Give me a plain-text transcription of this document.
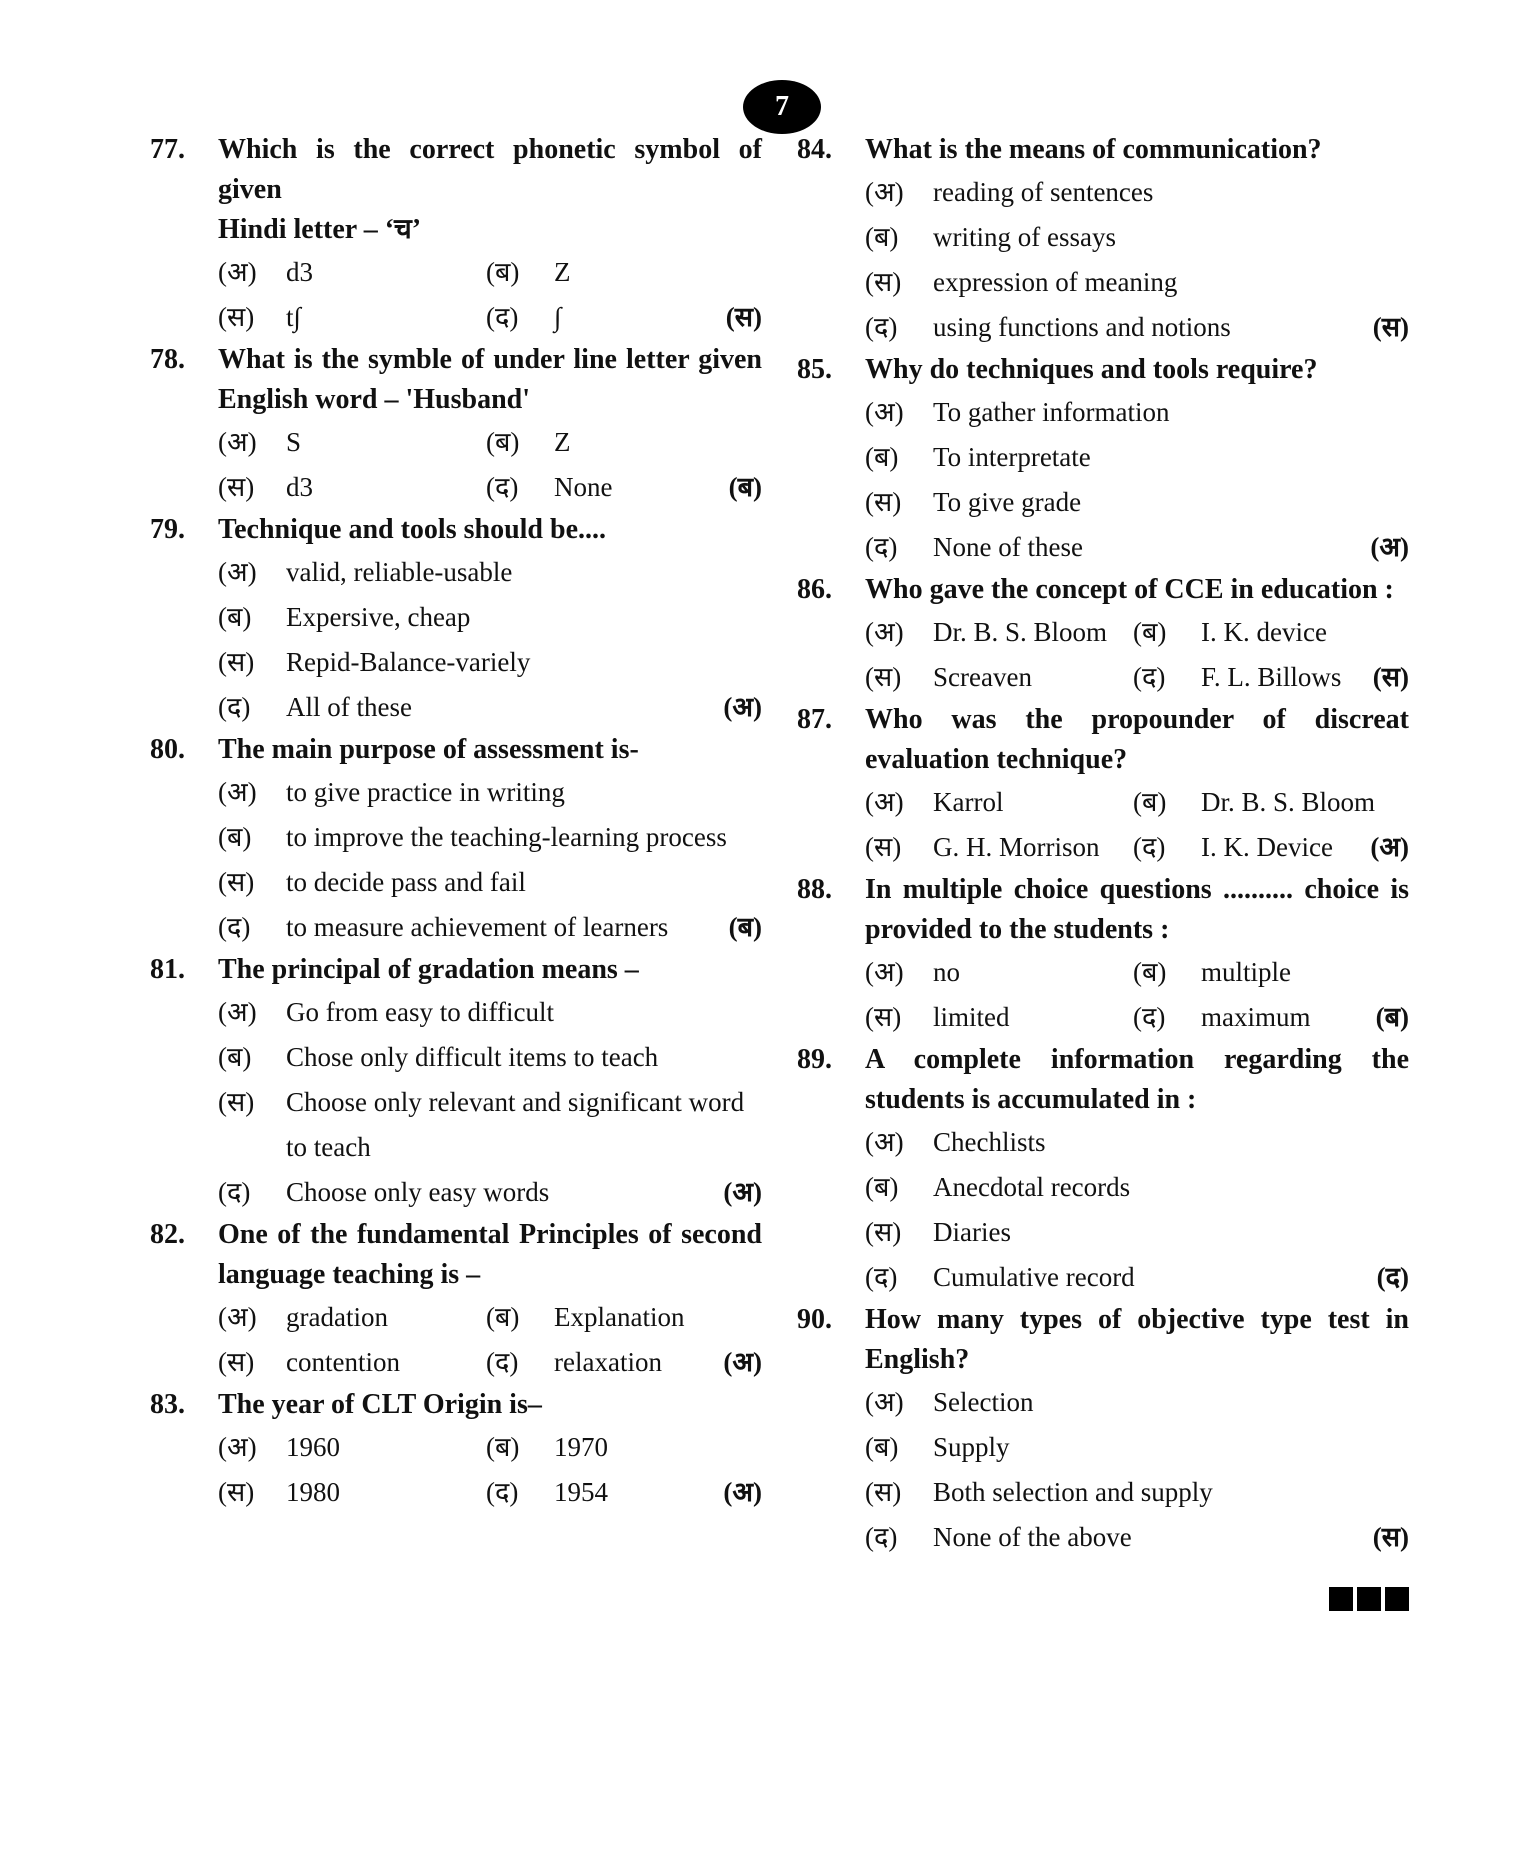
7
77. Which is the correct phonetic symbol of given
Hindi letter – ‘च’
(अ) d3	(ब) Z
(स) t∫	(द) ∫	(स)
78. What is the symble of under line letter given
English word – 'Husband'
(अ) S	(ब) Z
(स) d3	(द) None	(ब)
79. Technique and tools should be....
(अ) valid, reliable-usable
(ब) Expersive, cheap
(स) Repid-Balance-variely
(द) All of these	(अ)
80. The main purpose of assessment is-
(अ) to give practice in writing
(ब) to improve the teaching-learning process
(स) to decide pass and fail
(द) to measure achievement of learners (ब)
81. The principal of gradation means –
(अ) Go from easy to difficult
(ब) Chose only difficult items to teach
(स) Choose only relevant and significant word
to teach
(द) Choose only easy words	(अ)
82. One of the fundamental Principles of second
language teaching is –
(अ) gradation	(ब) Explanation
(स) contention	(द) relaxation (अ)
83. The year of CLT Origin is–
(अ) 1960	(ब) 1970
(स) 1980	(द) 1954	(अ)
84. What is the means of communication?
(अ) reading of sentences
(ब) writing of essays
(स) expression of meaning
(द) using functions and notions	(स)
85. Why do techniques and tools require?
(अ) To gather information
(ब) To interpretate
(स) To give grade
(द) None of these	(अ)
86. Who gave the concept of CCE in education :
(अ) Dr. B. S. Bloom (ब) I. K. device
(स) Screaven	(द) F. L. Billows (स)
87. Who was the propounder of discreat
evaluation technique?
(अ) Karrol	(ब) Dr. B. S. Bloom
(स) G. H. Morrison (द) I. K. Device (अ)
88. In multiple choice questions .......... choice is
provided to the students :
(अ) no	(ब) multiple
(स) limited	(द) maximum (ब)
89. A complete information regarding the
students is accumulated in :
(अ) Chechlists
(ब) Anecdotal records
(स) Diaries
(द) Cumulative record	(द)
90. How many types of objective type test in
English?
(अ) Selection
(ब) Supply
(स) Both selection and supply
(द) None of the above	(स)
